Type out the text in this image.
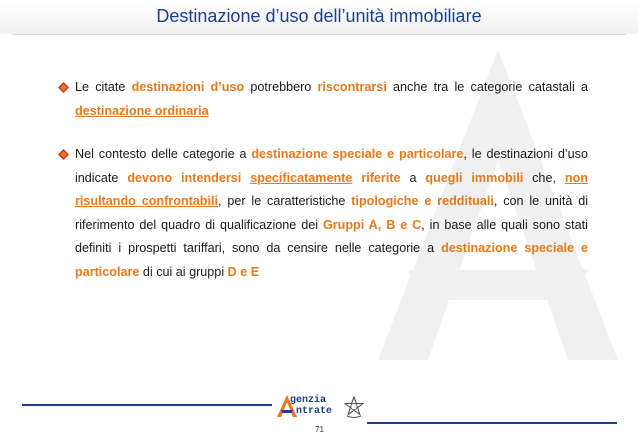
Destinazione d’uso dell’unità immobiliare
Le citate destinazioni d’uso potrebbero riscontrarsi anche tra le categorie catastali a destinazione ordinaria
Nel contesto delle categorie a destinazione speciale e particolare, le destinazioni d’uso indicate devono intendersi specificatamente riferite a quegli immobili che, non risultando confrontabili, per le caratteristiche tipologiche e reddituali, con le unità di riferimento del quadro di qualificazione dei Gruppi A, B e C, in base alle quali sono stati definiti i prospetti tariffari, sono da censire nelle categorie a destinazione speciale e particolare di cui ai gruppi D e E
genzia
ntrate
71
